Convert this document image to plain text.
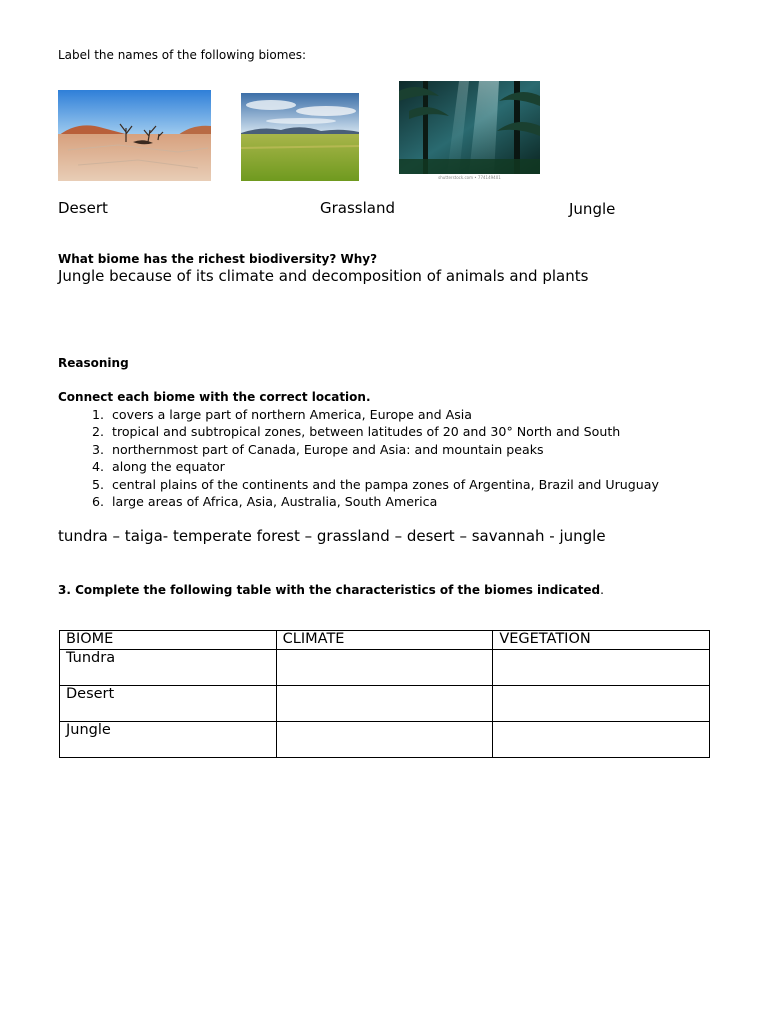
Label the names of the following biomes:
shutterstock.com • 774149401
Desert	Grassland	Jungle
What biome has the richest biodiversity? Why?
Jungle because of its climate and decomposition of animals and plants
Reasoning
Connect each biome with the correct location.
1. covers a large part of northern America, Europe and Asia
2. tropical and subtropical zones, between latitudes of 20 and 30° North and South
3. northernmost part of Canada, Europe and Asia: and mountain peaks
4. along the equator
5. central plains of the continents and the pampa zones of Argentina, Brazil and Uruguay
6. large areas of Africa, Asia, Australia, South America
tundra – taiga- temperate forest – grassland – desert – savannah - jungle
3. Complete the following table with the characteristics of the biomes indicated.
BIOME	CLIMATE	VEGETATION
Tundra		
Desert		
Jungle		
